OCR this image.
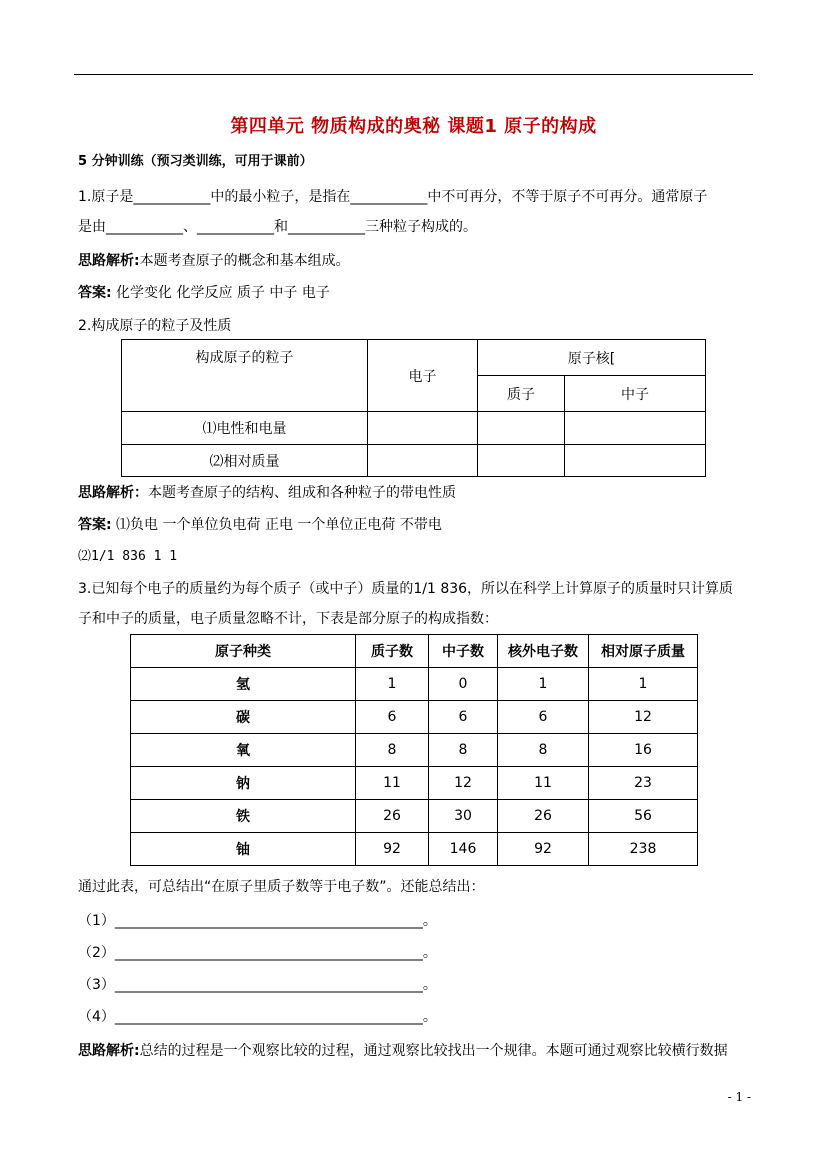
第四单元 物质构成的奥秘 课题1 原子的构成
5 分钟训练（预习类训练，可用于课前）
1.原子是___________中的最小粒子，是指在___________中不可再分，不等于原子不可再分。通常原子
是由___________、___________和___________三种粒子构成的。
思路解析:本题考查原子的概念和基本组成。
答案: 化学变化 化学反应 质子 中子 电子
2.构成原子的粒子及性质
构成原子的粒子	电子	原子核[	
		质子	中子
⑴电性和电量			
⑵相对质量			
思路解析：本题考查原子的结构、组成和各种粒子的带电性质
答案: ⑴负电 一个单位负电荷 正电 一个单位正电荷 不带电
⑵1/1 836 1 1
3.已知每个电子的质量约为每个质子（或中子）质量的1/1 836，所以在科学上计算原子的质量时只计算质
子和中子的质量，电子质量忽略不计，下表是部分原子的构成指数：
原子种类	质子数	中子数	核外电子数	相对原子质量
氢	1	0	1	1
碳	6	6	6	12
氧	8	8	8	16
钠	11	12	11	23
铁	26	30	26	56
铀	92	146	92	238
通过此表，可总结出“在原子里质子数等于电子数”。还能总结出：
（1）____________________________________________。
（2）____________________________________________。
（3）____________________________________________。
（4）____________________________________________。
思路解析:总结的过程是一个观察比较的过程，通过观察比较找出一个规律。本题可通过观察比较横行数据
- 1 -
